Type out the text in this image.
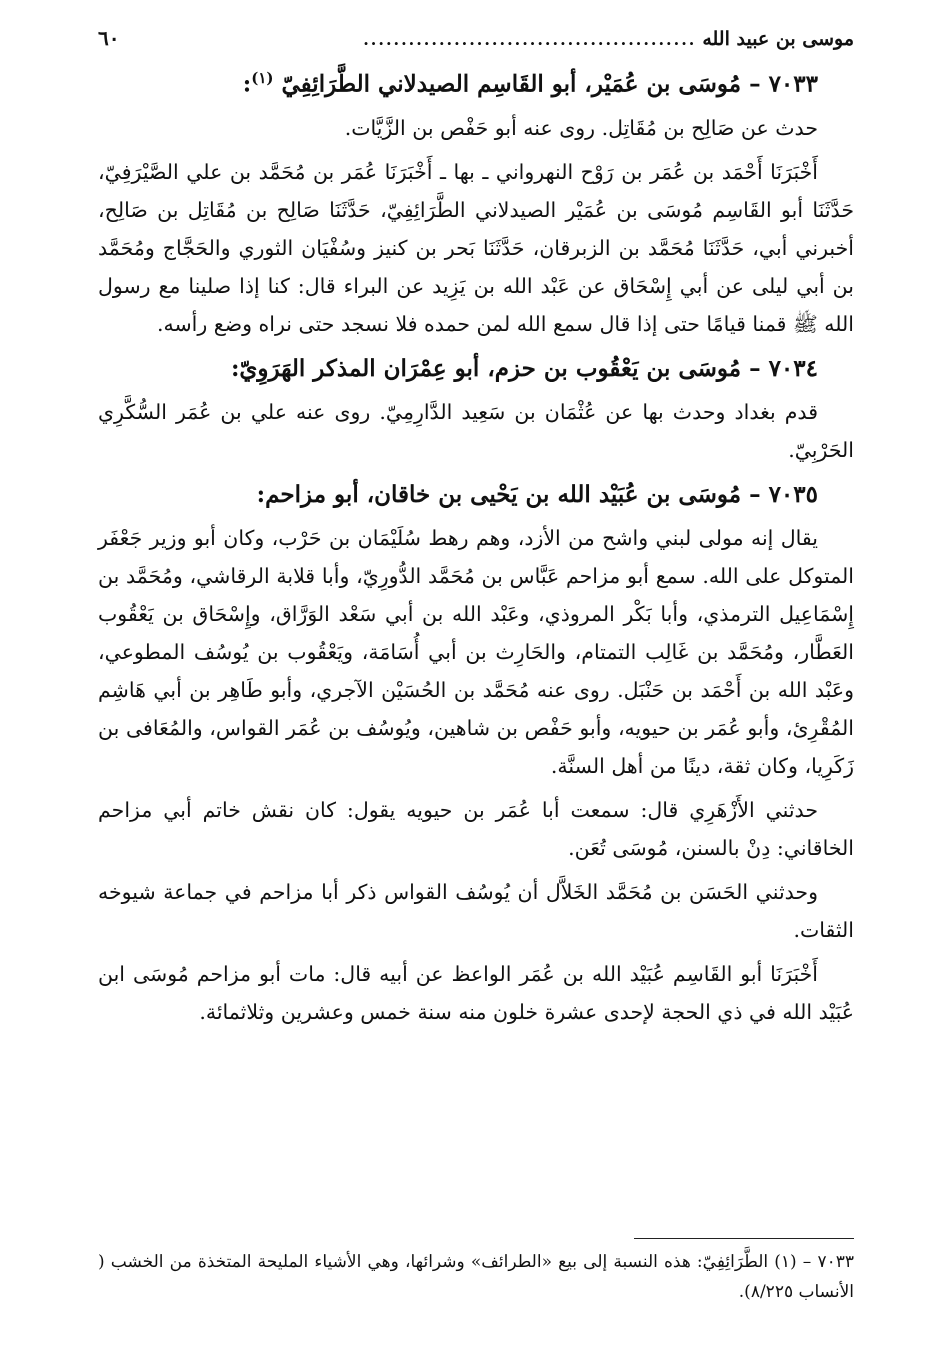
موسى بن عبيد الله
............................................
٦٠
٧٠٣٣ – مُوسَى بن عُمَيْر، أبو القَاسِم الصيدلاني الطَّرَائِفِيّ $^{(١)}$:

حدث عن صَالِح بن مُقَاتِل. روى عنه أبو حَفْص بن الزَّيَّات.

أَخْبَرَنَا أَحْمَد بن عُمَر بن رَوْح النهرواني ـ بها ـ أَخْبَرَنَا عُمَر بن مُحَمَّد بن علي الصَّيْرَفِيّ، حَدَّثَنَا أبو القَاسِم مُوسَى بن عُمَيْر الصيدلاني الطَّرَائِفِيّ، حَدَّثَنَا صَالِح بن مُقَاتِل بن صَالِح، أخبرني أبي، حَدَّثَنَا مُحَمَّد بن الزبرقان، حَدَّثَنَا بَحر بن كنيز وسُفْيَان الثوري والحَجَّاج ومُحَمَّد بن أبي ليلى عن أبي إِسْحَاق عن عَبْد الله بن يَزِيد عن البراء قال: كنا إذا صلينا مع رسول الله ﷺ قمنا قيامًا حتى إذا قال سمع الله لمن حمده فلا نسجد حتى نراه وضع رأسه.

٧٠٣٤ – مُوسَى بن يَعْقُوب بن حزم، أبو عِمْرَان المذكر الهَرَوِيّ:

قدم بغداد وحدث بها عن عُثْمَان بن سَعِيد الدَّارِمِيّ. روى عنه علي بن عُمَر السُّكَّرِي الحَرْبِيّ.

٧٠٣٥ – مُوسَى بن عُبَيْد الله بن يَحْيى بن خاقان، أبو مزاحم:

يقال إنه مولى لبني واشح من الأزد، وهم رهط سُلَيْمَان بن حَرْب، وكان أبو وزير جَعْفَر المتوكل على الله. سمع أبو مزاحم عَبَّاس بن مُحَمَّد الدُّورِيّ، وأبا قلابة الرقاشي، ومُحَمَّد بن إِسْمَاعِيل الترمذي، وأبا بَكْر المروذي، وعَبْد الله بن أبي سَعْد الوَرَّاق، وإِسْحَاق بن يَعْقُوب العَطَّار، ومُحَمَّد بن غَالِب التمتام، والحَارِث بن أبي أُسَامَة، ويَعْقُوب بن يُوسُف المطوعي، وعَبْد الله بن أَحْمَد بن حَنْبَل. روى عنه مُحَمَّد بن الحُسَيْن الآجري، وأبو طَاهِر بن أبي هَاشِم المُقْرِئ، وأبو عُمَر بن حيويه، وأبو حَفْص بن شاهين، ويُوسُف بن عُمَر القواس، والمُعَافى بن زَكَرِيا، وكان ثقة، دينًا من أهل السنَّة.

حدثني الأَزْهَرِي قال: سمعت أبا عُمَر بن حيويه يقول: كان نقش خاتم أبي مزاحم الخاقاني: دِنْ بالسنن، مُوسَى تُعَن.

وحدثني الحَسَن بن مُحَمَّد الخَلاَّل أن يُوسُف القواس ذكر أبا مزاحم في جماعة شيوخه الثقات.

أَخْبَرَنَا أبو القَاسِم عُبَيْد الله بن عُمَر الواعظ عن أبيه قال: مات أبو مزاحم مُوسَى ابن عُبَيْد الله في ذي الحجة لإحدى عشرة خلون منه سنة خمس وعشرين وثلاثمائة.

٧٠٣٣ – (١) الطَّرَائِفِيّ: هذه النسبة إلى بيع «الطرائف» وشرائها، وهي الأشياء المليحة المتخذة من الخشب ( الأنساب ٨/٢٢٥).
